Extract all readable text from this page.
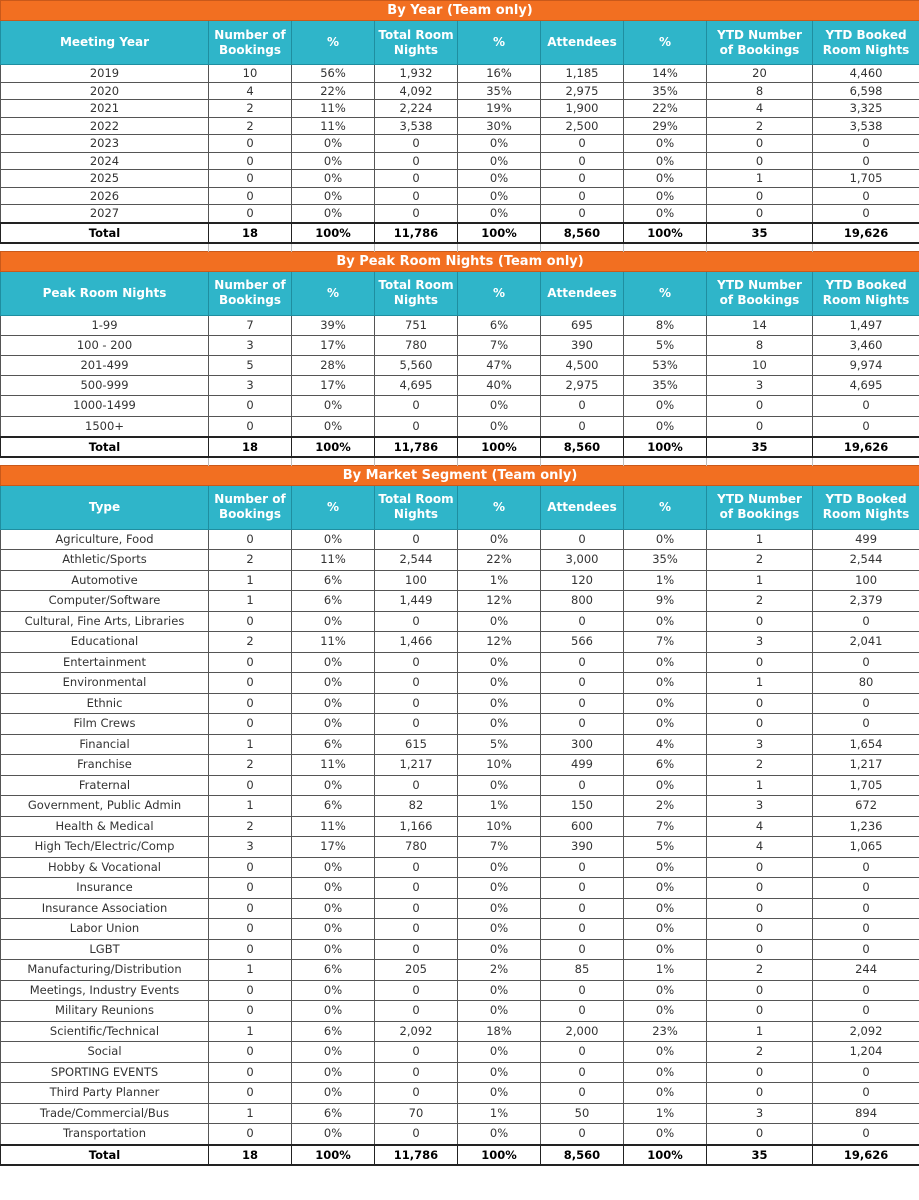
By Year (Team only)								
Meeting Year	Number of Bookings	%	Total Room Nights	%	Attendees	%	YTD Number of Bookings	YTD Booked Room Nights
2019	10	56%	1,932	16%	1,185	14%	20	4,460
2020	4	22%	4,092	35%	2,975	35%	8	6,598
2021	2	11%	2,224	19%	1,900	22%	4	3,325
2022	2	11%	3,538	30%	2,500	29%	2	3,538
2023	0	0%	0	0%	0	0%	0	0
2024	0	0%	0	0%	0	0%	0	0
2025	0	0%	0	0%	0	0%	1	1,705
2026	0	0%	0	0%	0	0%	0	0
2027	0	0%	0	0%	0	0%	0	0
Total	18	100%	11,786	100%	8,560	100%	35	19,626

By Peak Room Nights (Team only)								
Peak Room Nights	Number of Bookings	%	Total Room Nights	%	Attendees	%	YTD Number of Bookings	YTD Booked Room Nights
1-99	7	39%	751	6%	695	8%	14	1,497
100 - 200	3	17%	780	7%	390	5%	8	3,460
201-499	5	28%	5,560	47%	4,500	53%	10	9,974
500-999	3	17%	4,695	40%	2,975	35%	3	4,695
1000-1499	0	0%	0	0%	0	0%	0	0
1500+	0	0%	0	0%	0	0%	0	0
Total	18	100%	11,786	100%	8,560	100%	35	19,626

By Market Segment (Team only)								
Type	Number of Bookings	%	Total Room Nights	%	Attendees	%	YTD Number of Bookings	YTD Booked Room Nights
Agriculture, Food	0	0%	0	0%	0	0%	1	499
Athletic/Sports	2	11%	2,544	22%	3,000	35%	2	2,544
Automotive	1	6%	100	1%	120	1%	1	100
Computer/Software	1	6%	1,449	12%	800	9%	2	2,379
Cultural, Fine Arts, Libraries	0	0%	0	0%	0	0%	0	0
Educational	2	11%	1,466	12%	566	7%	3	2,041
Entertainment	0	0%	0	0%	0	0%	0	0
Environmental	0	0%	0	0%	0	0%	1	80
Ethnic	0	0%	0	0%	0	0%	0	0
Film Crews	0	0%	0	0%	0	0%	0	0
Financial	1	6%	615	5%	300	4%	3	1,654
Franchise	2	11%	1,217	10%	499	6%	2	1,217
Fraternal	0	0%	0	0%	0	0%	1	1,705
Government, Public Admin	1	6%	82	1%	150	2%	3	672
Health & Medical	2	11%	1,166	10%	600	7%	4	1,236
High Tech/Electric/Comp	3	17%	780	7%	390	5%	4	1,065
Hobby & Vocational	0	0%	0	0%	0	0%	0	0
Insurance	0	0%	0	0%	0	0%	0	0
Insurance Association	0	0%	0	0%	0	0%	0	0
Labor Union	0	0%	0	0%	0	0%	0	0
LGBT	0	0%	0	0%	0	0%	0	0
Manufacturing/Distribution	1	6%	205	2%	85	1%	2	244
Meetings, Industry Events	0	0%	0	0%	0	0%	0	0
Military Reunions	0	0%	0	0%	0	0%	0	0
Scientific/Technical	1	6%	2,092	18%	2,000	23%	1	2,092
Social	0	0%	0	0%	0	0%	2	1,204
SPORTING EVENTS	0	0%	0	0%	0	0%	0	0
Third Party Planner	0	0%	0	0%	0	0%	0	0
Trade/Commercial/Bus	1	6%	70	1%	50	1%	3	894
Transportation	0	0%	0	0%	0	0%	0	0
Total	18	100%	11,786	100%	8,560	100%	35	19,626
